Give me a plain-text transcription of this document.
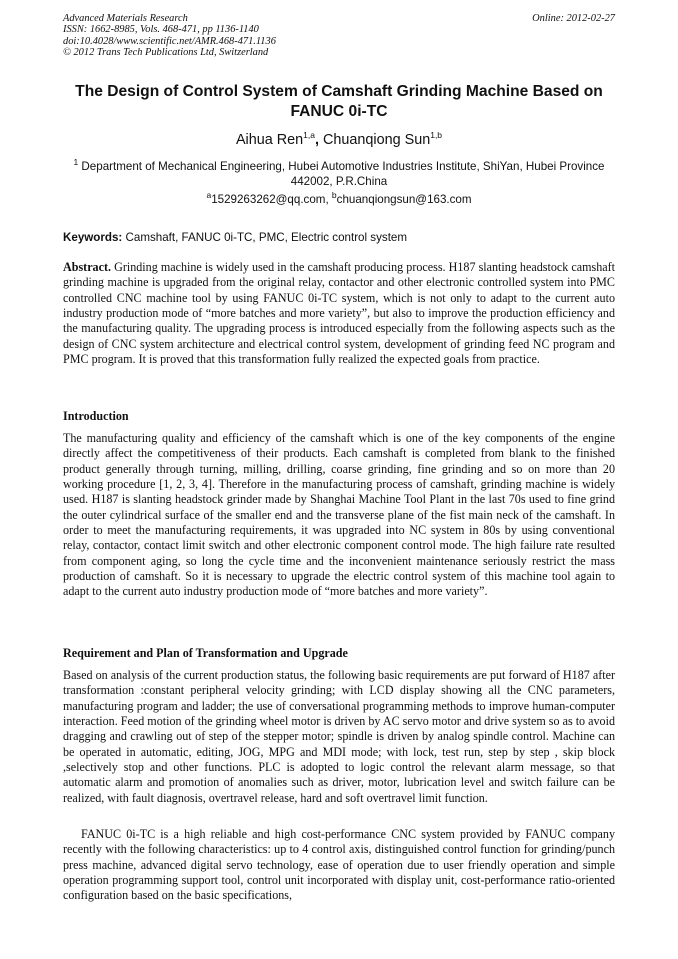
Advanced Materials Research
ISSN: 1662-8985, Vols. 468-471, pp 1136-1140
doi:10.4028/www.scientific.net/AMR.468-471.1136
© 2012 Trans Tech Publications Ltd, Switzerland
Online: 2012-02-27
The Design of Control System of Camshaft Grinding Machine Based on FANUC 0i-TC
Aihua Ren$^{1,a}$, Chuanqiong Sun$^{1,b}$
$^1$ Department of Mechanical Engineering, Hubei Automotive Industries Institute, ShiYan, Hubei Province 442002, P.R.China
$^a$1529263262@qq.com, $^b$chuanqiongsun@163.com
Keywords: Camshaft, FANUC 0i-TC, PMC, Electric control system
Abstract. Grinding machine is widely used in the camshaft producing process. H187 slanting headstock camshaft grinding machine is upgraded from the original relay, contactor and other electronic controlled system into PMC controlled CNC machine tool by using FANUC 0i-TC system, which is not only to adapt to the current auto industry production mode of “more batches and more variety”, but also to improve the production efficiency and the manufacturing quality. The upgrading process is introduced especially from the following aspects such as the design of CNC system architecture and electrical control system, development of grinding feed NC program and PMC program. It is proved that this transformation fully realized the expected goals from practice.
Introduction
The manufacturing quality and efficiency of the camshaft which is one of the key components of the engine directly affect the competitiveness of their products. Each camshaft is completed from blank to the finished product generally through turning, milling, drilling, coarse grinding, fine grinding and so on more than 20 working procedure [1, 2, 3, 4]. Therefore in the manufacturing process of camshaft, grinding machine is widely used. H187 is slanting headstock grinder made by Shanghai Machine Tool Plant in the last 70s used to fine grind the outer cylindrical surface of the smaller end and the transverse plane of the fist main neck of the camshaft. In order to meet the manufacturing requirements, it was upgraded into NC system in 80s by using conventional relay, contactor, contact limit switch and other electronic component control mode. The high failure rate resulted from component aging, so long the cycle time and the inconvenient maintenance seriously restrict the mass production of camshaft. So it is necessary to upgrade the electric control system of this machine tool again to adapt to the current auto industry production mode of “more batches and more variety”.
Requirement and Plan of Transformation and Upgrade
Based on analysis of the current production status, the following basic requirements are put forward of H187 after transformation :constant peripheral velocity grinding; with LCD display showing all the CNC parameters, manufacturing program and ladder; the use of conversational programming methods to improve human-computer interaction. Feed motion of the grinding wheel motor is driven by AC servo motor and drive system so as to avoid dragging and crawling out of step of the stepper motor; spindle is driven by analog spindle control. Machine can be operated in automatic, editing, JOG, MPG and MDI mode; with lock, test run, step by step , skip block ,selectively stop and other functions. PLC is adopted to logic control the relevant alarm message, so that automatic alarm and promotion of anomalies such as driver, motor, lubrication level and switch failure can be realized, with fault diagnosis, overtravel release, hard and soft overtravel limit function.
FANUC 0i-TC is a high reliable and high cost-performance CNC system provided by FANUC company recently with the following characteristics: up to 4 control axis, distinguished control function for grinding/punch press machine, advanced digital servo technology, ease of operation due to user friendly operation and simple operation programming support tool, control unit incorporated with display unit, cost-performance ratio-oriented configuration based on the basic specifications,
